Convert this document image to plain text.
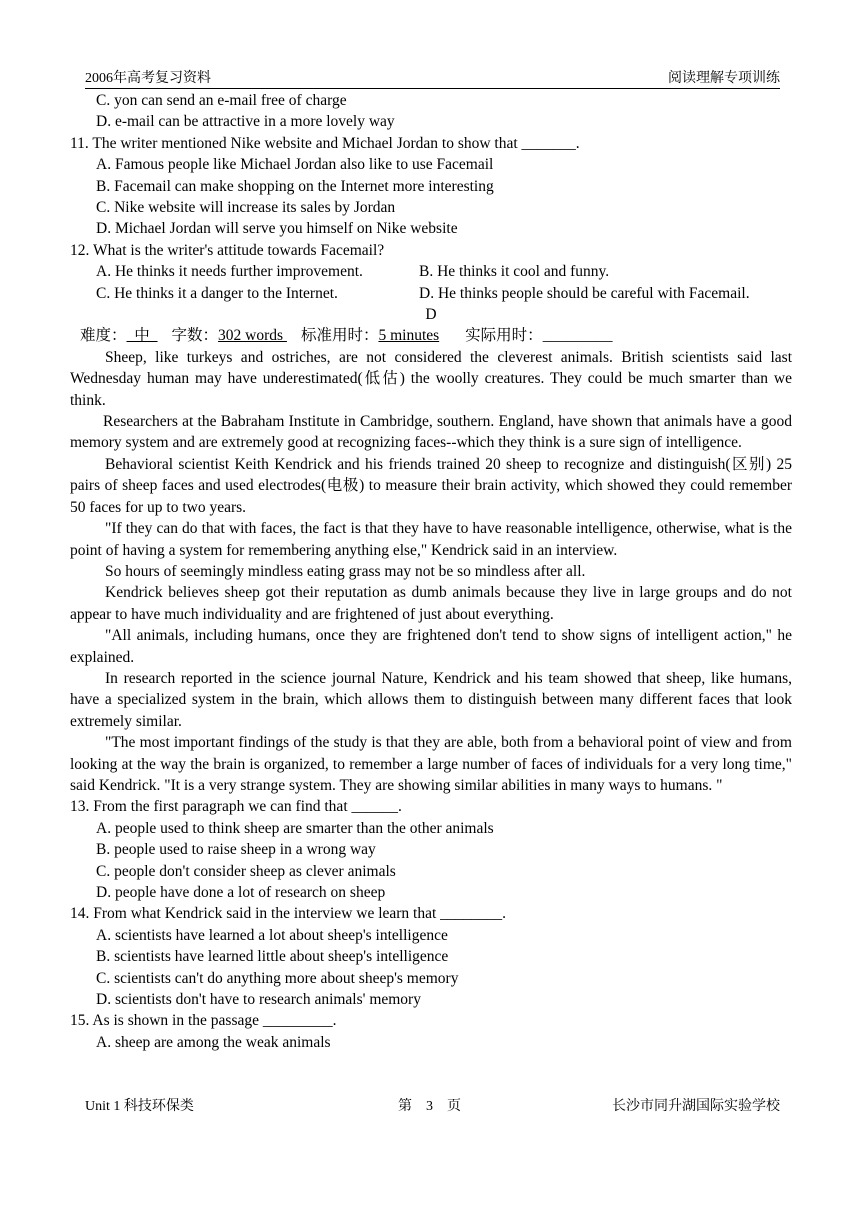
2006年高考复习资料	阅读理解专项训练
C. yon can send an e-mail free of charge
D. e-mail can be attractive in a more lovely way
11. The writer mentioned Nike website and Michael Jordan to show that _______.
A. Famous people like Michael Jordan also like to use Facemail
B. Facemail can make shopping on the Internet more interesting
C. Nike website will increase its sales by Jordan
D. Michael Jordan will serve you himself on Nike website
12. What is the writer's attitude towards Facemail?
A. He thinks it needs further improvement.	B. He thinks it cool and funny.
C. He thinks it a danger to the Internet.	D. He thinks people should be careful with Facemail.
D
难度：  中  字数：302 words 标准用时：5 minutes 实际用时：_________

Sheep, like turkeys and ostriches, are not considered the cleverest animals. British scientists said last Wednesday human may have underestimated(低估) the woolly creatures. They could be much smarter than we think.

Researchers at the Babraham Institute in Cambridge, southern. England, have shown that animals have a good memory system and are extremely good at recognizing faces--which they think is a sure sign of intelligence.

Behavioral scientist Keith Kendrick and his friends trained 20 sheep to recognize and distinguish(区别) 25 pairs of sheep faces and used electrodes(电极) to measure their brain activity, which showed they could remember 50 faces for up to two years.

"If they can do that with faces, the fact is that they have to have reasonable intelligence, otherwise, what is the point of having a system for remembering anything else," Kendrick said in an interview.

So hours of seemingly mindless eating grass may not be so mindless after all.

Kendrick believes sheep got their reputation as dumb animals because they live in large groups and do not appear to have much individuality and are frightened of just about everything.

"All animals, including humans, once they are frightened don't tend to show signs of intelligent action," he explained.

In research reported in the science journal Nature, Kendrick and his team showed that sheep, like humans, have a specialized system in the brain, which allows them to distinguish between many different faces that look extremely similar.

"The most important findings of the study is that they are able, both from a behavioral point of view and from looking at the way the brain is organized, to remember a large number of faces of individuals for a very long time," said Kendrick. "It is a very strange system. They are showing similar abilities in many ways to humans. "

13. From the first paragraph we can find that ______.
A. people used to think sheep are smarter than the other animals
B. people used to raise sheep in a wrong way
C. people don't consider sheep as clever animals
D. people have done a lot of research on sheep
14. From what Kendrick said in the interview we learn that ________.
A. scientists have learned a lot about sheep's intelligence
B. scientists have learned little about sheep's intelligence
C. scientists can't do anything more about sheep's memory
D. scientists don't have to research animals' memory
15. As is shown in the passage _________.
A. sheep are among the weak animals
Unit 1 科技环保类	第    3    页	长沙市同升湖国际实验学校
